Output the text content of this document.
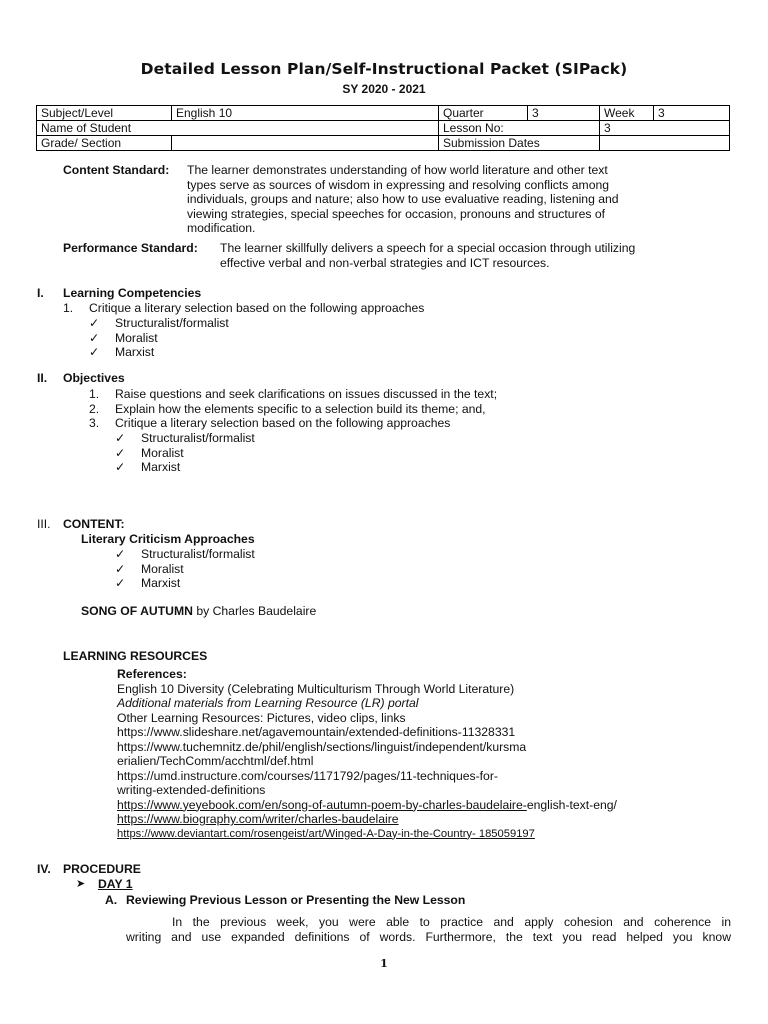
Detailed Lesson Plan/Self-Instructional Packet (SIPack)
SY 2020 - 2021
Subject/Level	English 10	Quarter	3	Week	3
Name of Student		Lesson No:		3	
Grade/ Section		Submission Dates			
Content Standard: The learner demonstrates understanding of how world literature and other text
types serve as sources of wisdom in expressing and resolving conflicts among
individuals, groups and nature; also how to use evaluative reading, listening and
viewing strategies, special speeches for occasion, pronouns and structures of
modification.
Performance Standard: The learner skillfully delivers a speech for a special occasion through utilizing
effective verbal and non-verbal strategies and ICT resources.
I. Learning Competencies
1. Critique a literary selection based on the following approaches
✓ Structuralist/formalist
✓ Moralist
✓ Marxist
II. Objectives
1. Raise questions and seek clarifications on issues discussed in the text;
2. Explain how the elements specific to a selection build its theme; and,
3. Critique a literary selection based on the following approaches
✓ Structuralist/formalist
✓ Moralist
✓ Marxist
III. CONTENT:
Literary Criticism Approaches
✓ Structuralist/formalist
✓ Moralist
✓ Marxist
SONG OF AUTUMN by Charles Baudelaire
LEARNING RESOURCES
References:
English 10 Diversity (Celebrating Multiculturism Through World Literature)
Additional materials from Learning Resource (LR) portal
Other Learning Resources: Pictures, video clips, links
https://www.slideshare.net/agavemountain/extended-definitions-11328331
https://www.tuchemnitz.de/phil/english/sections/linguist/independent/kursma
erialien/TechComm/acchtml/def.html
https://umd.instructure.com/courses/1171792/pages/11-techniques-for-
writing-extended-definitions
https://www.yeyebook.com/en/song-of-autumn-poem-by-charles-baudelaire-english-text-eng/
https://www.biography.com/writer/charles-baudelaire
https://www.deviantart.com/rosengeist/art/Winged-A-Day-in-the-Country- 185059197
IV. PROCEDURE
➤ DAY 1
A. Reviewing Previous Lesson or Presenting the New Lesson
In the previous week, you were able to practice and apply cohesion and coherence in
writing and use expanded definitions of words. Furthermore, the text you read helped you know
1
